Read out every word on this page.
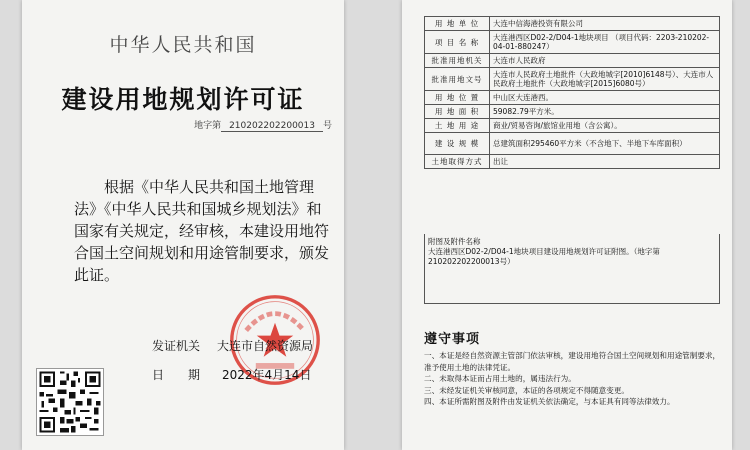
中华人民共和国
建设用地规划许可证
地字第 210202202200013 号
根据《中华人民共和国土地管理法》《中华人民共和国城乡规划法》和国家有关规定，经审核，本建设用地符合国土空间规划和用途管制要求，颁发此证。
发证机关 大连市自然资源局
日　　期 2022年4月14日
用 地 单 位	大连中信海港投资有限公司
项 目 名 称	大连港西区D02-2/D04-1地块项目 （项目代码：2203-210202-04-01-880247）
批准用地机关	大连市人民政府
批准用地文号	大连市人民政府土地批件（大政地城字[2010]6148号）、大连市人民政府土地批件（大政地城字[2015]6080号）
用 地 位 置	中山区大连港西。
用 地 面 积	59082.79平方米。
土 地 用 途	商业/贸易咨询/旅馆业用地（含公寓）。
建 设 规 模	总建筑面积295460平方米（不含地下、半地下车库面积）
土地取得方式	出让
附图及附件名称
大连港西区D02-2/D04-1地块项目建设用地规划许可证附图。（地字第210202202200013号）
遵守事项
一、本证是经自然资源主管部门依法审核，建设用地符合国土空间规划和用途管制要求，准予使用土地的法律凭证。
二、未取得本证而占用土地的，属违法行为。
三、未经发证机关审核同意，本证的各项规定不得随意变更。
四、本证所需附图及附件由发证机关依法确定，与本证具有同等法律效力。
